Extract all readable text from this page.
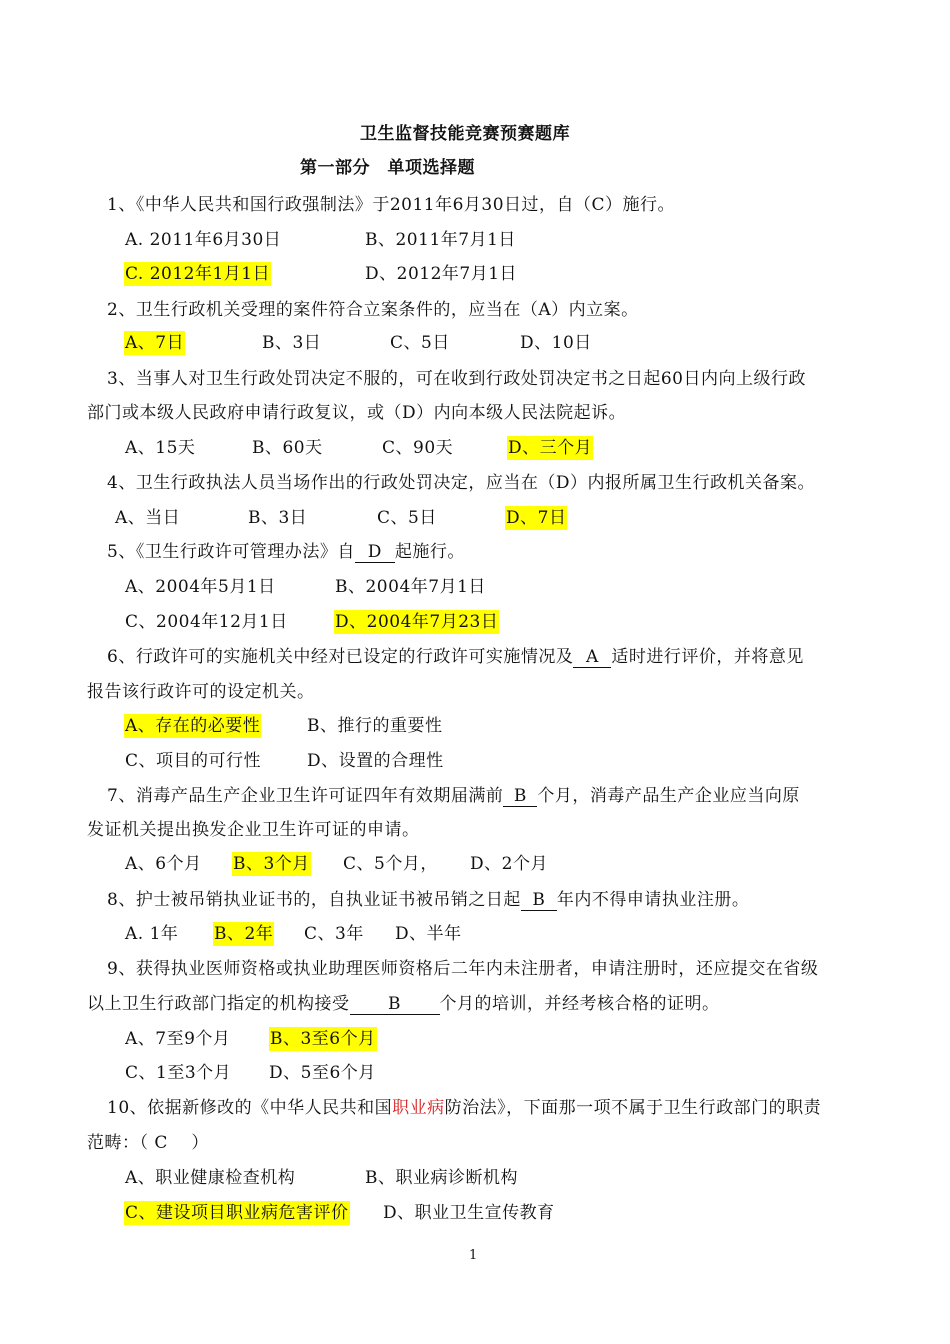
卫生监督技能竞赛预赛题库
第一部分　单项选择题
1、《中华人民共和国行政强制法》于2011年6月30日过，自（C）施行。
A. 2011年6月30日	B、2011年7月1日
C. 2012年1月1日	D、2012年7月1日
2、卫生行政机关受理的案件符合立案条件的，应当在（A）内立案。
A、7日	B、3日	C、5日	D、10日
3、当事人对卫生行政处罚决定不服的，可在收到行政处罚决定书之日起60日内向上级行政
部门或本级人民政府申请行政复议，或（D）内向本级人民法院起诉。
A、15天	B、60天	C、90天	D、三个月
4、卫生行政执法人员当场作出的行政处罚决定，应当在（D）内报所属卫生行政机关备案。
A、当日	B、3日	C、5日	D、7日
5、《卫生行政许可管理办法》自 D 起施行。
A、2004年5月1日	B、2004年7月1日
C、2004年12月1日	D、2004年7月23日
6、行政许可的实施机关中经对已设定的行政许可实施情况及 A 适时进行评价，并将意见
报告该行政许可的设定机关。
A、存在的必要性	B、推行的重要性
C、项目的可行性	D、设置的合理性
7、消毒产品生产企业卫生许可证四年有效期届满前 B 个月，消毒产品生产企业应当向原
发证机关提出换发企业卫生许可证的申请。
A、6个月 B、3个月 C、5个月， D、2个月
8、护士被吊销执业证书的，自执业证书被吊销之日起 B 年内不得申请执业注册。
A. 1年 B、2年 C、3年 D、半年
9、获得执业医师资格或执业助理医师资格后二年内未注册者，申请注册时，还应提交在省级
以上卫生行政部门指定的机构接受 B 个月的培训，并经考核合格的证明。
A、7至9个月 B、3至6个月
C、1至3个月 D、5至6个月
10、依据新修改的《中华人民共和国职业病防治法》，下面那一项不属于卫生行政部门的职责
范畴：（ C　 ）
A、职业健康检查机构	B、职业病诊断机构
C、建设项目职业病危害评价 D、职业卫生宣传教育
1
